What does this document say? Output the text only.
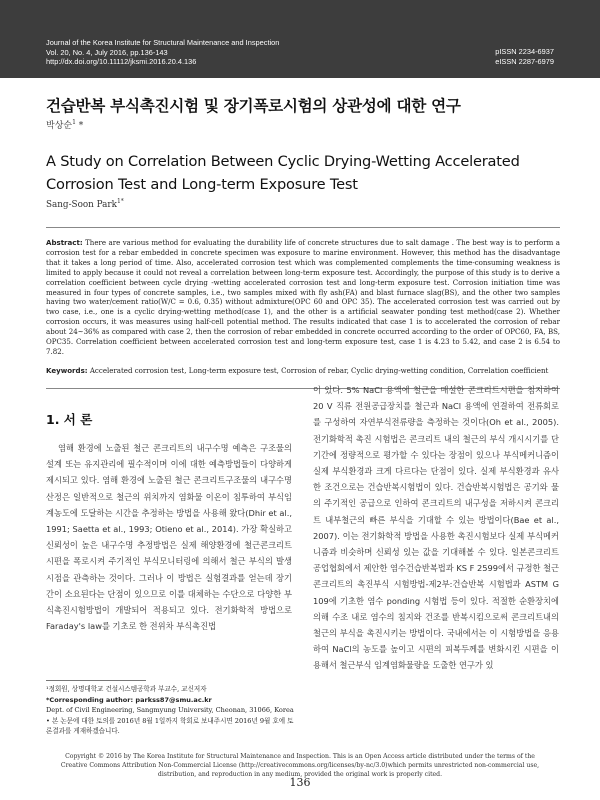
Journal of the Korea Institute for Structural Maintenance and Inspection
Vol. 20, No. 4, July 2016, pp.136-143
http://dx.doi.org/10.11112/jksmi.2016.20.4.136
pISSN 2234-6937
eISSN 2287-6979
건습반복 부식촉진시험 및 장기폭로시험의 상관성에 대한 연구
박상순$^1$ *
A Study on Correlation Between Cyclic Drying-Wetting Accelerated Corrosion Test and Long-term Exposure Test
Sang-Soon Park$^{1*}$
Abstract: There are various method for evaluating the durability life of concrete structures due to salt damage . The best way is to perform a corrosion test for a rebar embedded in concrete specimen was exposure to marine environment. However, this method has the disadvantage that it takes a long period of time. Also, accelerated corrosion test which was complemented complements the time-consuming weakness is limited to apply because it could not reveal a correlation between long-term exposure test. Accordingly, the purpose of this study is to derive a correlation coefficient between cycle drying -wetting accelerated corrosion test and long-term exposure test. Corrosion initiation time was measured in four types of concrete samples, i.e., two samples mixed with fly ash(FA) and blast furnace slag(BS), and the other two samples having two water/cement ratio(W/C = 0.6, 0.35) without admixture(OPC 60 and OPC 35). The accelerated corrosion test was carried out by two case, i.e., one is a cyclic drying-wetting method(case 1), and the other is a artificial seawater ponding test method(case 2). Whether corrosion occurs, it was measures using half-cell potential method. The results indicated that case 1 is to accelerated the corrosion of rebar about 24~36% as compared with case 2, then the corrosion of rebar embedded in concrete occurred according to the order of OPC60, FA, BS, OPC35. Correlation coefficient between accelerated corrosion test and long-term exposure test, case 1 is 4.23 to 5.42, and case 2 is 6.54 to 7.82.
Keywords: Accelerated corrosion test, Long-term exposure test, Corrosion of rebar, Cyclic drying-wetting condition, Correlation coefficient
1. 서 론

염해 환경에 노출된 철근 콘크리트의 내구수명 예측은 구조물의 설계 또는 유지관리에 필수적이며 이에 대한 예측방법들이 다양하게 제시되고 있다. 염해 환경에 노출된 철근 콘크리트구조물의 내구수명 산정은 일반적으로 철근의 위치까지 염화물 이온이 침투하여 부식임계농도에 도달하는 시간을 추정하는 방법을 사용해 왔다(Dhir et al., 1991; Saetta et al., 1993; Otieno et al., 2014). 가장 확실하고 신뢰성이 높은 내구수명 추정방법은 실제 해양환경에 철근콘크리트 시편을 폭로시켜 주기적인 부식모니터링에 의해서 철근 부식의 발생시점을 관측하는 것이다. 그러나 이 방법은 실험결과를 얻는데 장기간이 소요된다는 단점이 있으므로 이를 대체하는 수단으로 다양한 부식촉진시험방법이 개발되어 적용되고 있다. 전기화학적 방법으로 Faraday's law를 기초로 한 전위차 부식촉진법

이 있다. 5% NaCl 용액에 철근을 매설한 콘크리트시편을 침지하여 20 V 직류 전원공급장치를 철근과 NaCl 용액에 연결하여 전류회로를 구성하여 자연부식전류량을 측정하는 것이다(Oh et al., 2005). 전기화학적 촉진 시험법은 콘크리트 내의 철근의 부식 개시시기를 단기간에 정량적으로 평가할 수 있다는 장점이 있으나 부식메커니즘이 실제 부식환경과 크게 다르다는 단점이 있다. 실제 부식환경과 유사한 조건으로는 건습반복시험법이 있다. 건습반복시험법은 공기와 물의 주기적인 공급으로 인하여 콘크리트의 내구성을 저하시켜 콘크리트 내부철근의 빠른 부식을 기대할 수 있는 방법이다(Bae et al., 2007). 이는 전기화학적 방법을 사용한 촉진시험보다 실제 부식메커니즘과 비슷하며 신뢰성 있는 값을 기대해볼 수 있다. 일본콘크리트 공업협회에서 제안한 염수건습반복법과 KS F 2599에서 규정한 철근콘크리트의 촉진부식 시험방법-제2부:건습반복 시험법과 ASTM G 109에 기초한 염수 ponding 시험법 등이 있다. 적절한 순환장치에 의해 수조 내로 염수의 침지와 건조를 반복시킴으로써 콘크리트내의 철근의 부식을 촉진시키는 방법이다. 국내에서는 이 시험방법을 응용하여 NaCl의 농도를 높이고 시편의 피복두께를 변화시킨 시편을 이용해서 철근부식 임계염화물량을 도출한 연구가 있

¹정회원, 상명대학교 건설시스템공학과 부교수, 교신저자
*Corresponding author: parkss87@smu.ac.kr
Dept. of Civil Engineering, Sangmyung University, Cheonan, 31066, Korea
• 본 논문에 대한 토의를 2016년 8월 1일까지 학회로 보내주시면 2016년 9월 호에 토론결과를 게재하겠습니다.
Copyright © 2016 by The Korea Institute for Structural Maintenance and Inspection. This is an Open Access article distributed under the terms of the Creative Commons Attribution Non-Commercial License (http://creativecommons.org/licenses/by-nc/3.0)which permits unrestricted non-commercial use, distribution, and reproduction in any medium, provided the original work is properly cited.
136
